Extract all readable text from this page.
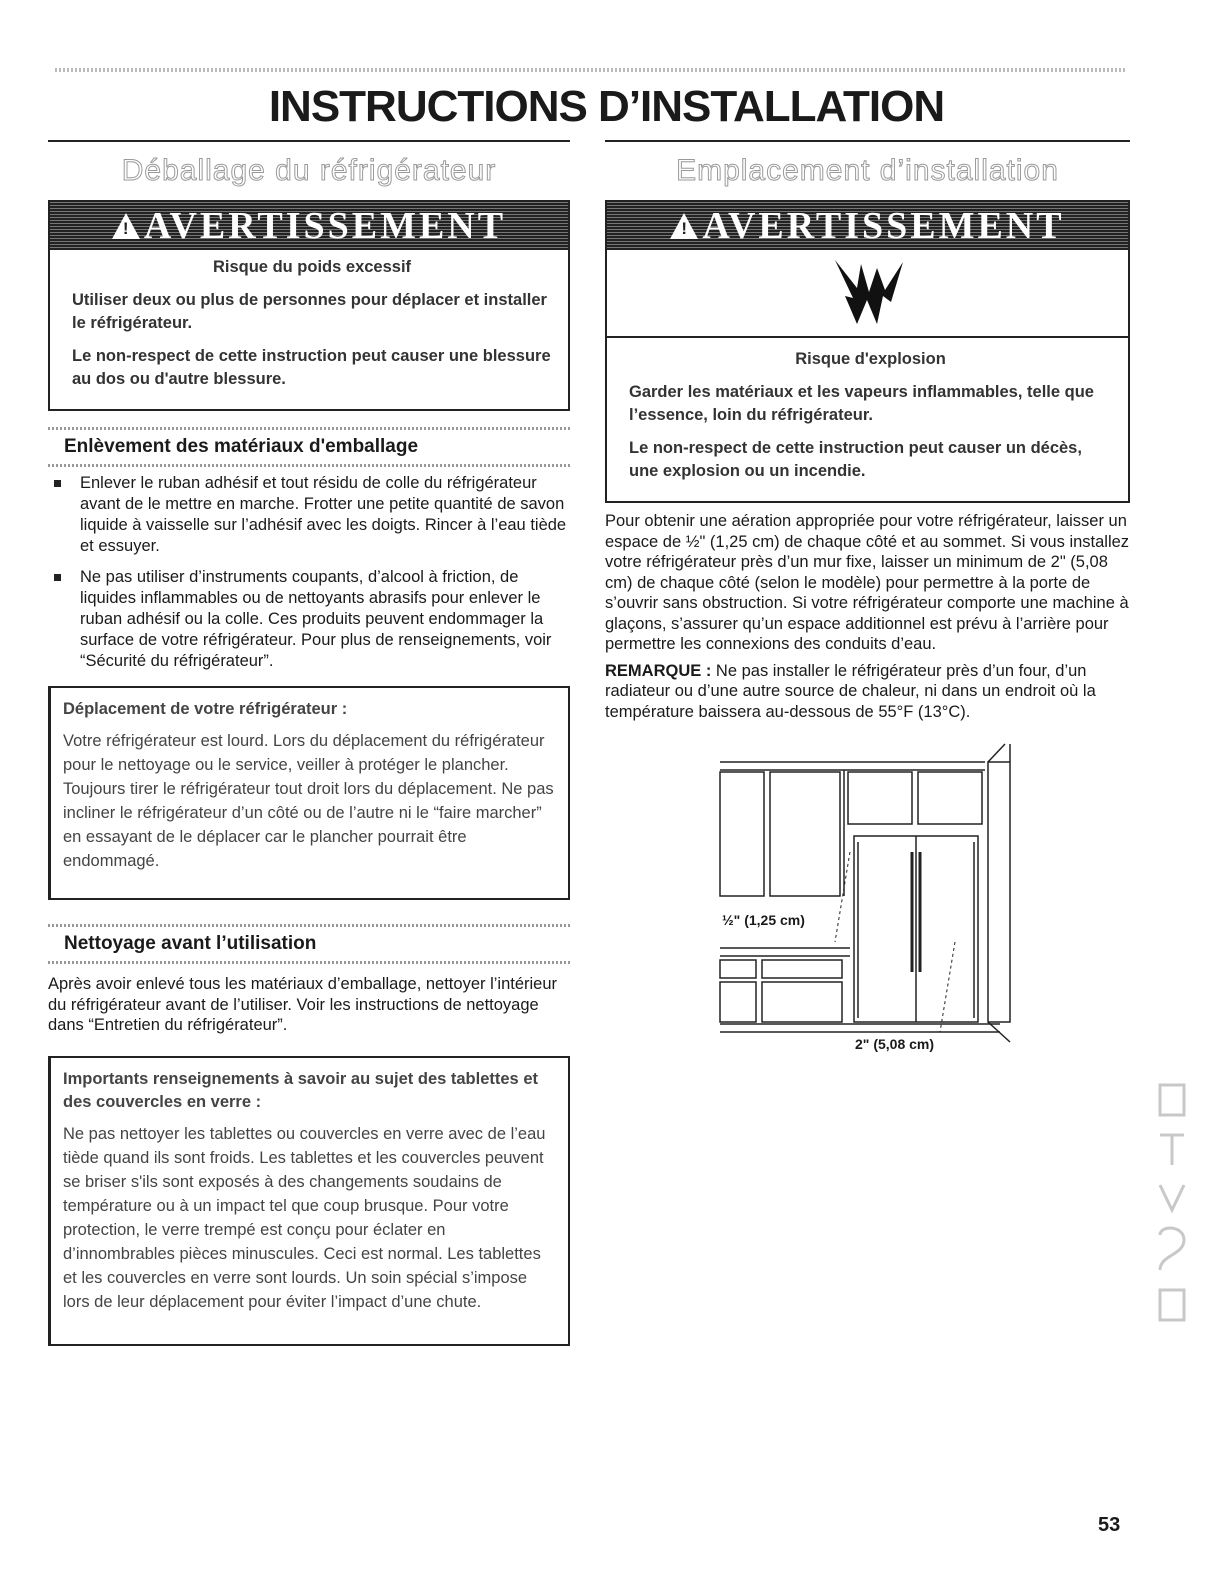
INSTRUCTIONS D’INSTALLATION
Déballage du réfrigérateur
! AVERTISSEMENT

Risque du poids excessif

Utiliser deux ou plus de personnes pour déplacer et installer le réfrigérateur.

Le non-respect de cette instruction peut causer une blessure au dos ou d'autre blessure.

Enlèvement des matériaux d'emballage
Enlever le ruban adhésif et tout résidu de colle du réfrigérateur avant de le mettre en marche. Frotter une petite quantité de savon liquide à vaisselle sur l’adhésif avec les doigts. Rincer à l’eau tiède et essuyer.
Ne pas utiliser d’instruments coupants, d’alcool à friction, de liquides inflammables ou de nettoyants abrasifs pour enlever le ruban adhésif ou la colle. Ces produits peuvent endommager la surface de votre réfrigérateur. Pour plus de renseignements, voir “Sécurité du réfrigérateur”.

Déplacement de votre réfrigérateur :

Votre réfrigérateur est lourd. Lors du déplacement du réfrigérateur pour le nettoyage ou le service, veiller à protéger le plancher. Toujours tirer le réfrigérateur tout droit lors du déplacement. Ne pas incliner le réfrigérateur d’un côté ou de l’autre ni le “faire marcher” en essayant de le déplacer car le plancher pourrait être endommagé.

Nettoyage avant l’utilisation

Après avoir enlevé tous les matériaux d’emballage, nettoyer l’intérieur du réfrigérateur avant de l’utiliser. Voir les instructions de nettoyage dans “Entretien du réfrigérateur”.

Importants renseignements à savoir au sujet des tablettes et des couvercles en verre :

Ne pas nettoyer les tablettes ou couvercles en verre avec de l’eau tiède quand ils sont froids. Les tablettes et les couvercles peuvent se briser s'ils sont exposés à des changements soudains de température ou à un impact tel que coup brusque. Pour votre protection, le verre trempé est conçu pour éclater en d’innombrables pièces minuscules. Ceci est normal. Les tablettes et les couvercles en verre sont lourds. Un soin spécial s’impose lors de leur déplacement pour éviter l’impact d’une chute.

Emplacement d’installation
! AVERTISSEMENT

Risque d'explosion

Garder les matériaux et les vapeurs inflammables, telle que l’essence, loin du réfrigérateur.

Le non-respect de cette instruction peut causer un décès, une explosion ou un incendie.

Pour obtenir une aération appropriée pour votre réfrigérateur, laisser un espace de ½" (1,25 cm) de chaque côté et au sommet. Si vous installez votre réfrigérateur près d’un mur fixe, laisser un minimum de 2" (5,08 cm) de chaque côté (selon le modèle) pour permettre à la porte de s’ouvrir sans obstruction. Si votre réfrigérateur comporte une machine à glaçons, s’assurer qu’un espace additionnel est prévu à l’arrière pour permettre les connexions des conduits d’eau.

REMARQUE : Ne pas installer le réfrigérateur près d’un four, d’un radiateur ou d’une autre source de chaleur, ni dans un endroit où la température baissera au-dessous de 55°F (13°C).

½" (1,25 cm)
2" (5,08 cm)
53
